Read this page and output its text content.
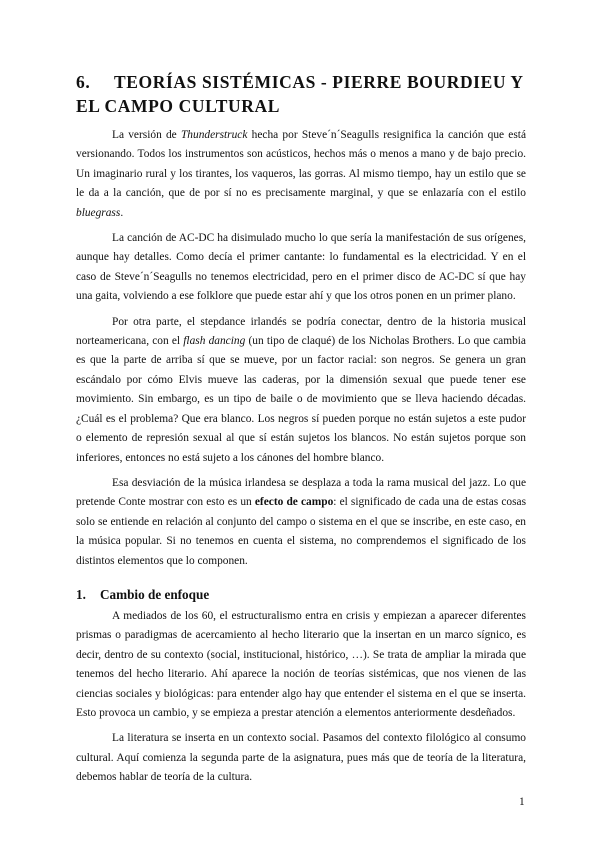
6. TEORÍAS SISTÉMICAS - PIERRE BOURDIEU Y EL CAMPO CULTURAL

La versión de Thunderstruck hecha por Steve´n´Seagulls resignifica la canción que está versionando. Todos los instrumentos son acústicos, hechos más o menos a mano y de bajo precio. Un imaginario rural y los tirantes, los vaqueros, las gorras. Al mismo tiempo, hay un estilo que se le da a la canción, que de por sí no es precisamente marginal, y que se enlazaría con el estilo bluegrass.

La canción de AC-DC ha disimulado mucho lo que sería la manifestación de sus orígenes, aunque hay detalles. Como decía el primer cantante: lo fundamental es la electricidad. Y en el caso de Steve´n´Seagulls no tenemos electricidad, pero en el primer disco de AC-DC sí que hay una gaita, volviendo a ese folklore que puede estar ahí y que los otros ponen en un primer plano.

Por otra parte, el stepdance irlandés se podría conectar, dentro de la historia musical norteamericana, con el flash dancing (un tipo de claqué) de los Nicholas Brothers. Lo que cambia es que la parte de arriba sí que se mueve, por un factor racial: son negros. Se genera un gran escándalo por cómo Elvis mueve las caderas, por la dimensión sexual que puede tener ese movimiento. Sin embargo, es un tipo de baile o de movimiento que se lleva haciendo décadas. ¿Cuál es el problema? Que era blanco. Los negros sí pueden porque no están sujetos a este pudor o elemento de represión sexual al que sí están sujetos los blancos. No están sujetos porque son inferiores, entonces no está sujeto a los cánones del hombre blanco.

Esa desviación de la música irlandesa se desplaza a toda la rama musical del jazz. Lo que pretende Conte mostrar con esto es un efecto de campo: el significado de cada una de estas cosas solo se entiende en relación al conjunto del campo o sistema en el que se inscribe, en este caso, en la música popular. Si no tenemos en cuenta el sistema, no comprendemos el significado de los distintos elementos que lo componen.

1. Cambio de enfoque

A mediados de los 60, el estructuralismo entra en crisis y empiezan a aparecer diferentes prismas o paradigmas de acercamiento al hecho literario que la insertan en un marco sígnico, es decir, dentro de su contexto (social, institucional, histórico, …). Se trata de ampliar la mirada que tenemos del hecho literario. Ahí aparece la noción de teorías sistémicas, que nos vienen de las ciencias sociales y biológicas: para entender algo hay que entender el sistema en el que se inserta. Esto provoca un cambio, y se empieza a prestar atención a elementos anteriormente desdeñados.

La literatura se inserta en un contexto social. Pasamos del contexto filológico al consumo cultural. Aquí comienza la segunda parte de la asignatura, pues más que de teoría de la literatura, debemos hablar de teoría de la cultura.

1
